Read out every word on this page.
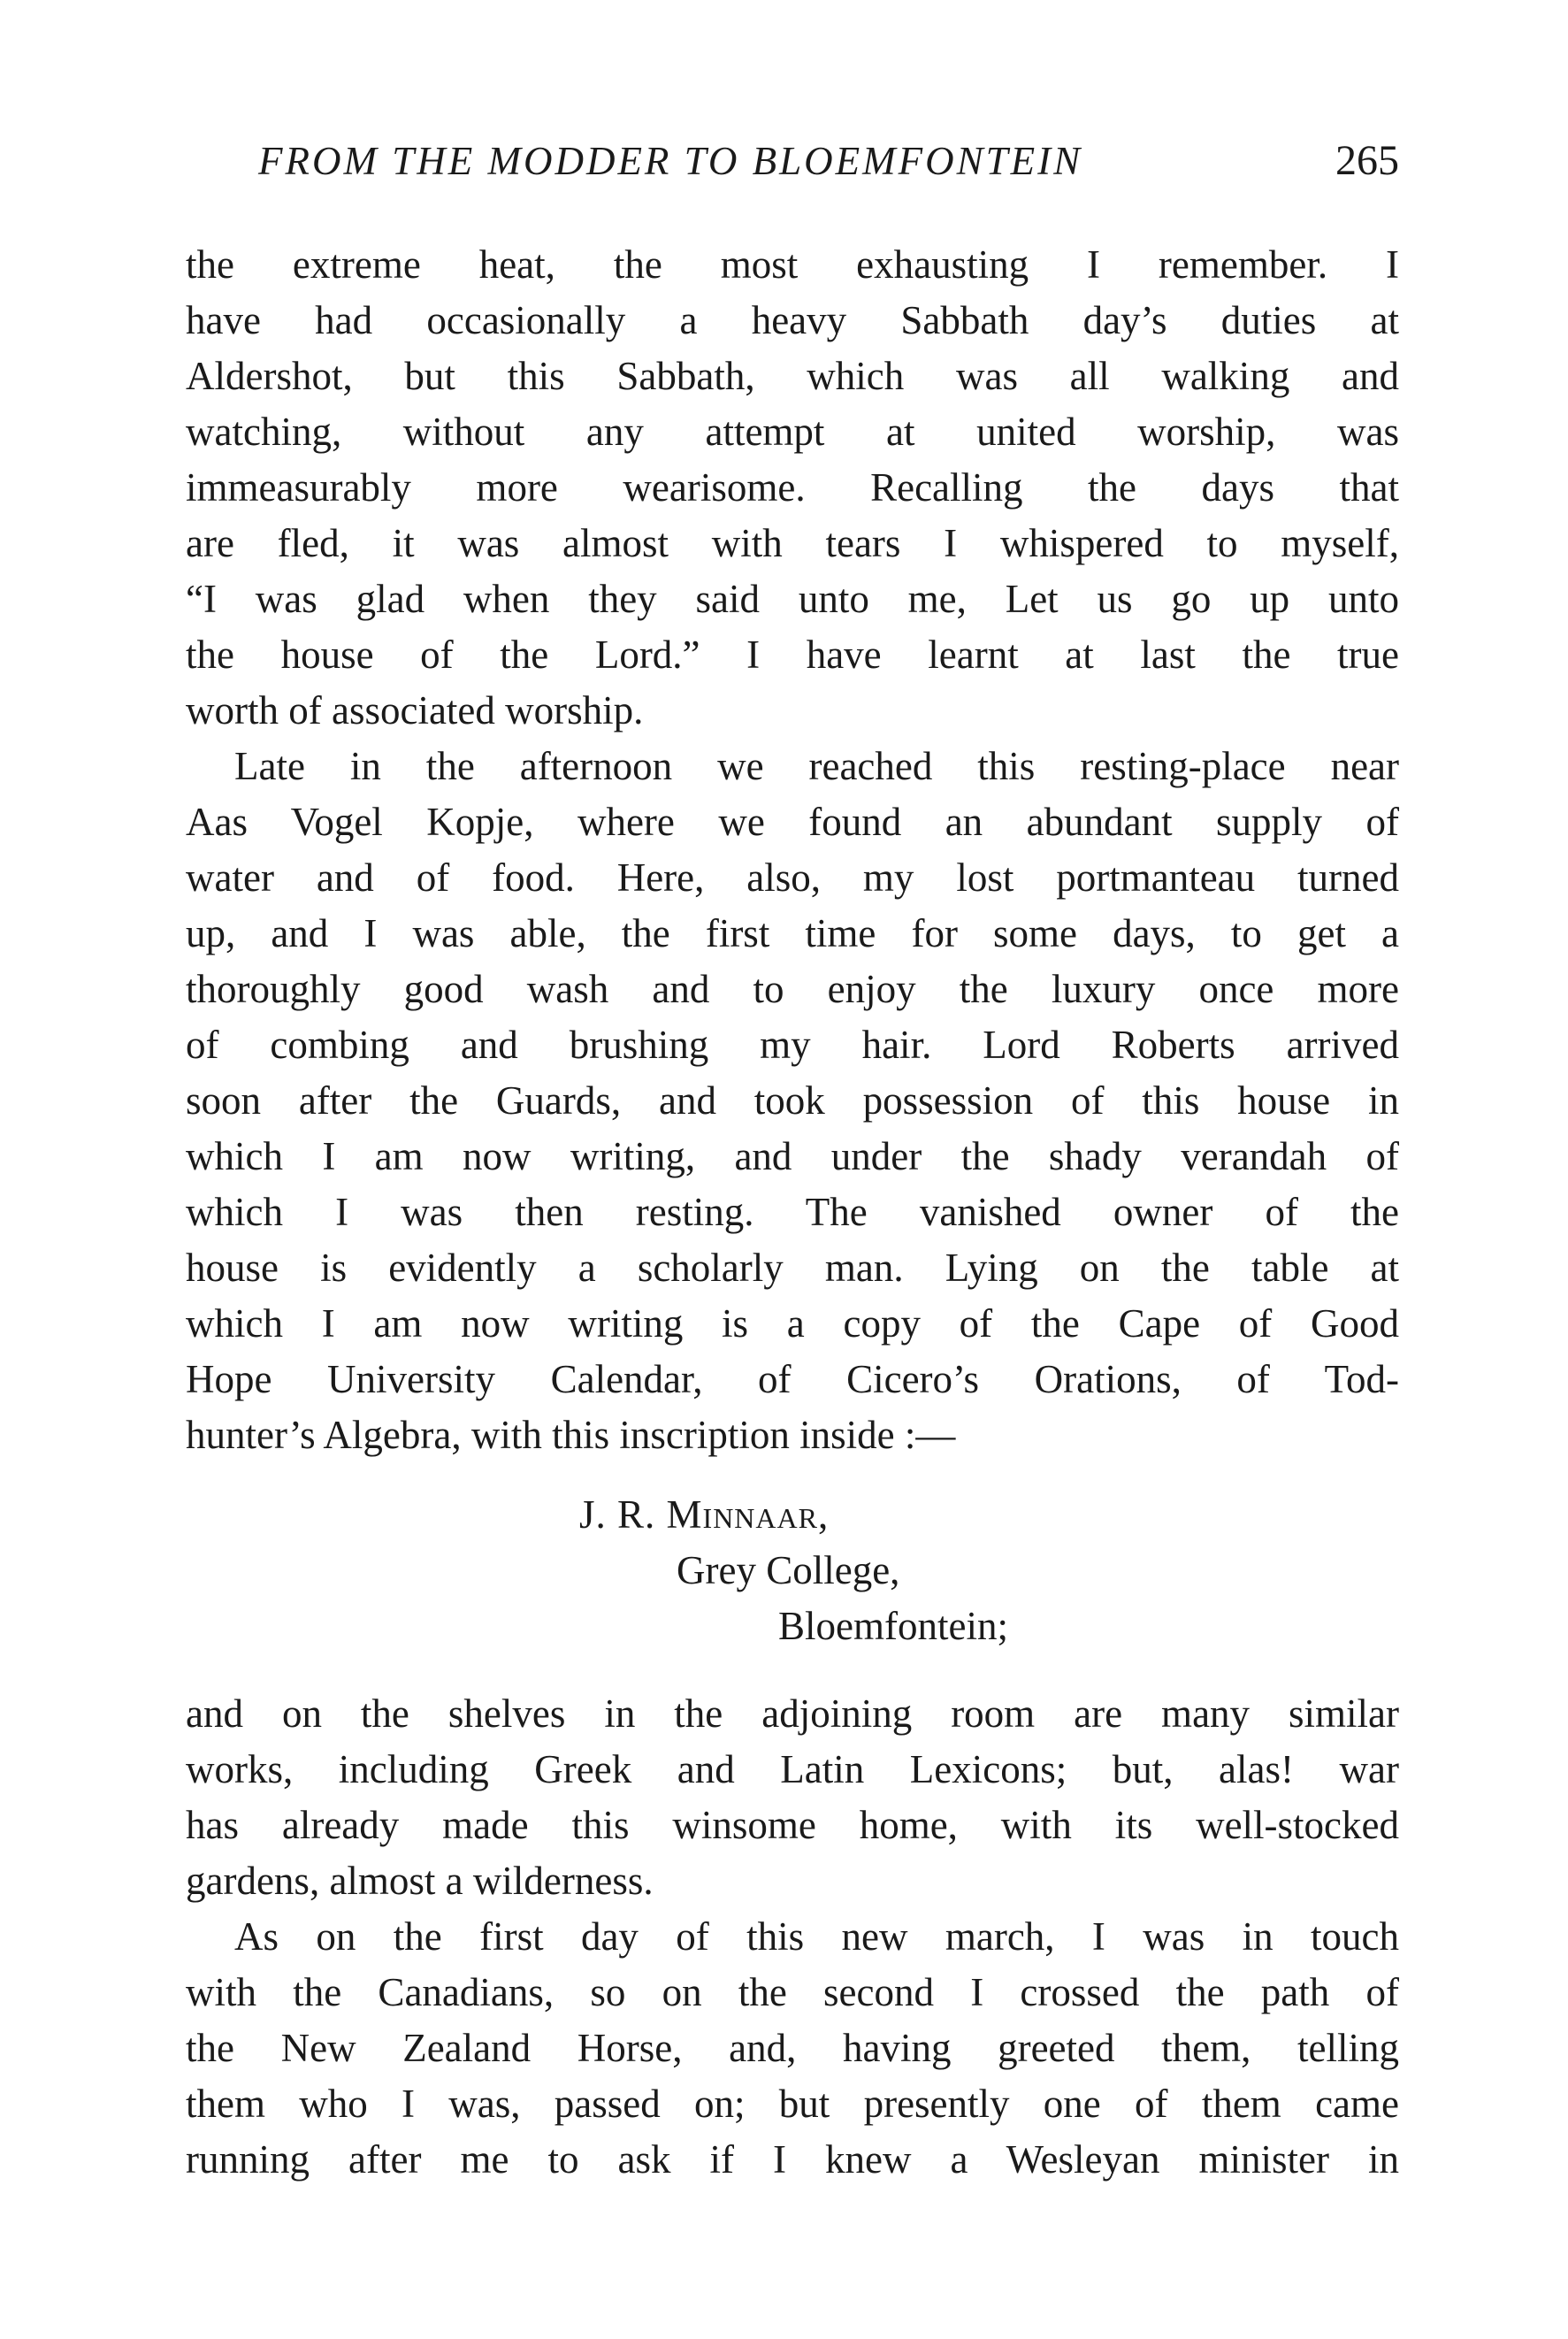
FROM THE MODDER TO BLOEMFONTEIN	265
the extreme heat, the most exhausting I remember. I
have had occasionally a heavy Sabbath day’s duties at
Aldershot, but this Sabbath, which was all walking and
watching, without any attempt at united worship, was
immeasurably more wearisome. Recalling the days that
are fled, it was almost with tears I whispered to myself,
“I was glad when they said unto me, Let us go up unto
the house of the Lord.” I have learnt at last the true
worth of associated worship.
Late in the afternoon we reached this resting-place near
Aas Vogel Kopje, where we found an abundant supply of
water and of food. Here, also, my lost portmanteau turned
up, and I was able, the first time for some days, to get a
thoroughly good wash and to enjoy the luxury once more
of combing and brushing my hair. Lord Roberts arrived
soon after the Guards, and took possession of this house in
which I am now writing, and under the shady verandah of
which I was then resting. The vanished owner of the
house is evidently a scholarly man. Lying on the table at
which I am now writing is a copy of the Cape of Good
Hope University Calendar, of Cicero’s Orations, of Tod-
hunter’s Algebra, with this inscription inside :—
J. R. Minnaar,
Grey College,
Bloemfontein;
and on the shelves in the adjoining room are many similar
works, including Greek and Latin Lexicons; but, alas! war
has already made this winsome home, with its well-stocked
gardens, almost a wilderness.
As on the first day of this new march, I was in touch
with the Canadians, so on the second I crossed the path of
the New Zealand Horse, and, having greeted them, telling
them who I was, passed on; but presently one of them came
running after me to ask if I knew a Wesleyan minister in
